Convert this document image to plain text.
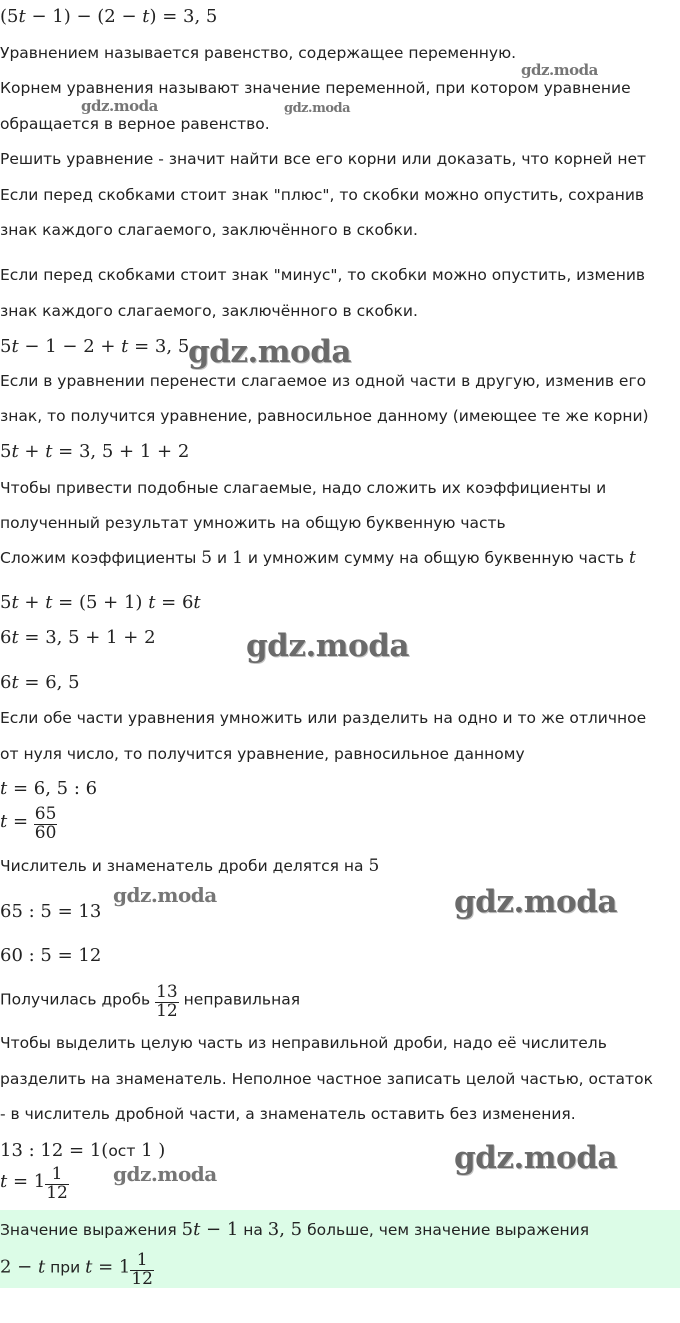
(5t − 1) − (2 − t) = 3, 5
Уравнением называется равенство, содержащее переменную.
Корнем уравнения называют значение переменной, при котором уравнение
обращается в верное равенство.
Решить уравнение - значит найти все его корни или доказать, что корней нет
Если перед скобками стоит знак "плюс", то скобки можно опустить, сохранив
знак каждого слагаемого, заключённого в скобки.
Если перед скобками стоит знак "минус", то скобки можно опустить, изменив
знак каждого слагаемого, заключённого в скобки.
5t − 1 − 2 + t = 3, 5
Если в уравнении перенести слагаемое из одной части в другую, изменив его
знак, то получится уравнение, равносильное данному (имеющее те же корни)
5t + t = 3, 5 + 1 + 2
Чтобы привести подобные слагаемые, надо сложить их коэффициенты и
полученный результат умножить на общую буквенную часть
Сложим коэффициенты 5 и 1 и умножим сумму на общую буквенную часть t
5t + t = (5 + 1) t = 6t
6t = 3, 5 + 1 + 2
6t = 6, 5
Если обе части уравнения умножить или разделить на одно и то же отличное
от нуля число, то получится уравнение, равносильное данному
t = 6, 5 : 6
$t = \frac{65}{60}$
Числитель и знаменатель дроби делятся на 5
65 : 5 = 13
60 : 5 = 12
Получилась дробь $\frac{13}{12}$ неправильная
Чтобы выделить целую часть из неправильной дроби, надо её числитель
разделить на знаменатель. Неполное частное записать целой частью, остаток
- в числитель дробной части, а знаменатель оставить без изменения.
13 : 12 = 1(ост 1 )
$t = 1 \frac{1}{12}$
Значение выражения 5t − 1 на 3, 5 больше, чем значение выражения
2 − t при $t = 1 \frac{1}{12}$
gdz.moda
gdz.moda	gdz.moda
gdz.moda
gdz.moda
gdz.moda	gdz.moda
gdz.moda
gdz.moda
